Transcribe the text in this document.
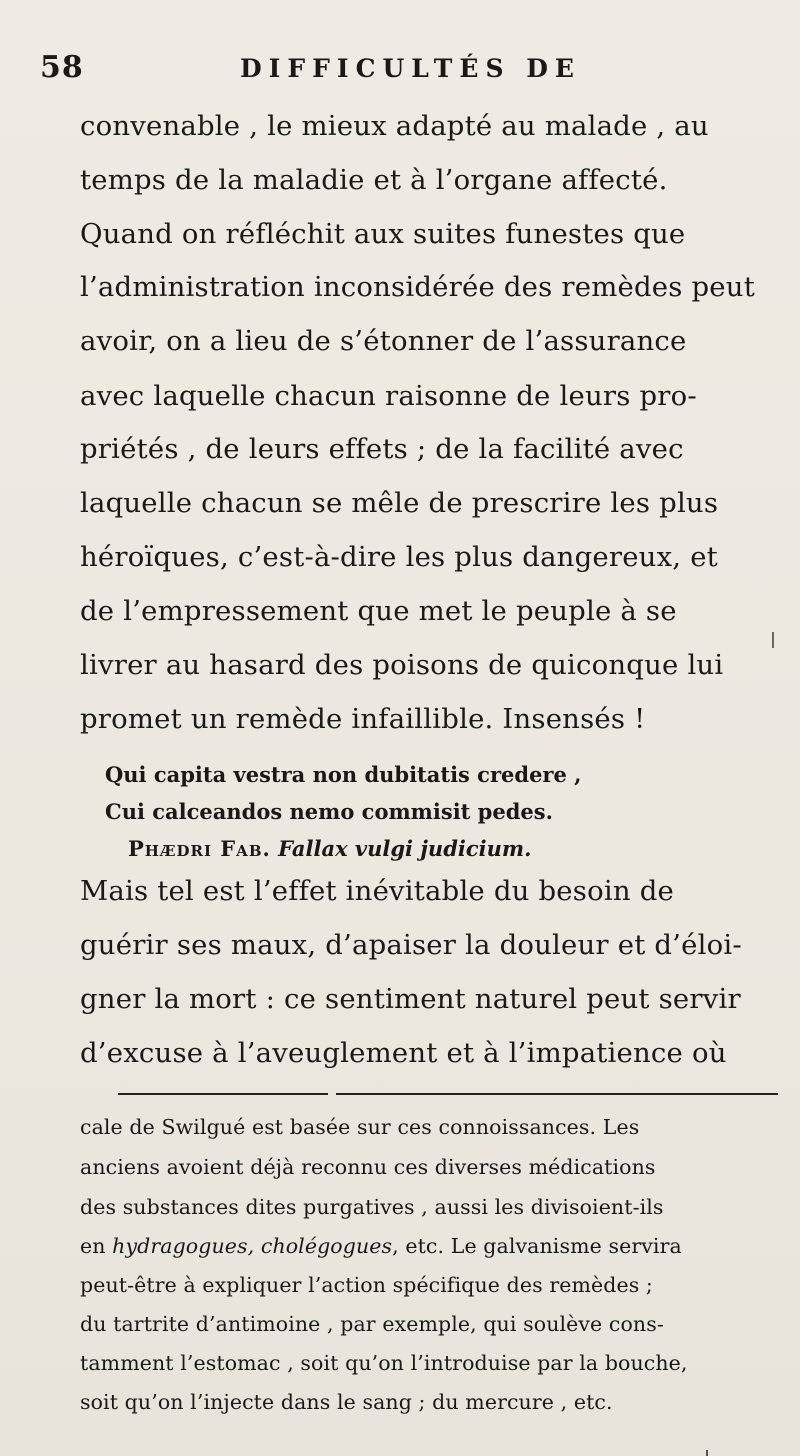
58	DIFFICULTÉS DE
convenable , le mieux adapté au malade , au
temps de la maladie et à l’organe affecté.
Quand on réfléchit aux suites funestes que
l’administration inconsidérée des remèdes peut
avoir, on a lieu de s’étonner de l’assurance
avec laquelle chacun raisonne de leurs pro-
priétés , de leurs effets ; de la facilité avec
laquelle chacun se mêle de prescrire les plus
héroïques, c’est-à-dire les plus dangereux, et
de l’empressement que met le peuple à se
livrer au hasard des poisons de quiconque lui
promet un remède infaillible. Insensés !
Qui capita vestra non dubitatis credere ,
Cui calceandos nemo commisit pedes.
Phædri Fab. Fallax vulgi judicium.
Mais tel est l’effet inévitable du besoin de
guérir ses maux, d’apaiser la douleur et d’éloi-
gner la mort : ce sentiment naturel peut servir
d’excuse à l’aveuglement et à l’impatience où
cale de Swilgué est basée sur ces connoissances. Les
anciens avoient déjà reconnu ces diverses médications
des substances dites purgatives , aussi les divisoient-ils
en hydragogues, cholégogues, etc. Le galvanisme servira
peut-être à expliquer l’action spécifique des remèdes ;
du tartrite d’antimoine , par exemple, qui soulève cons-
tamment l’estomac , soit qu’on l’introduise par la bouche,
soit qu’on l’injecte dans le sang ; du mercure , etc.
